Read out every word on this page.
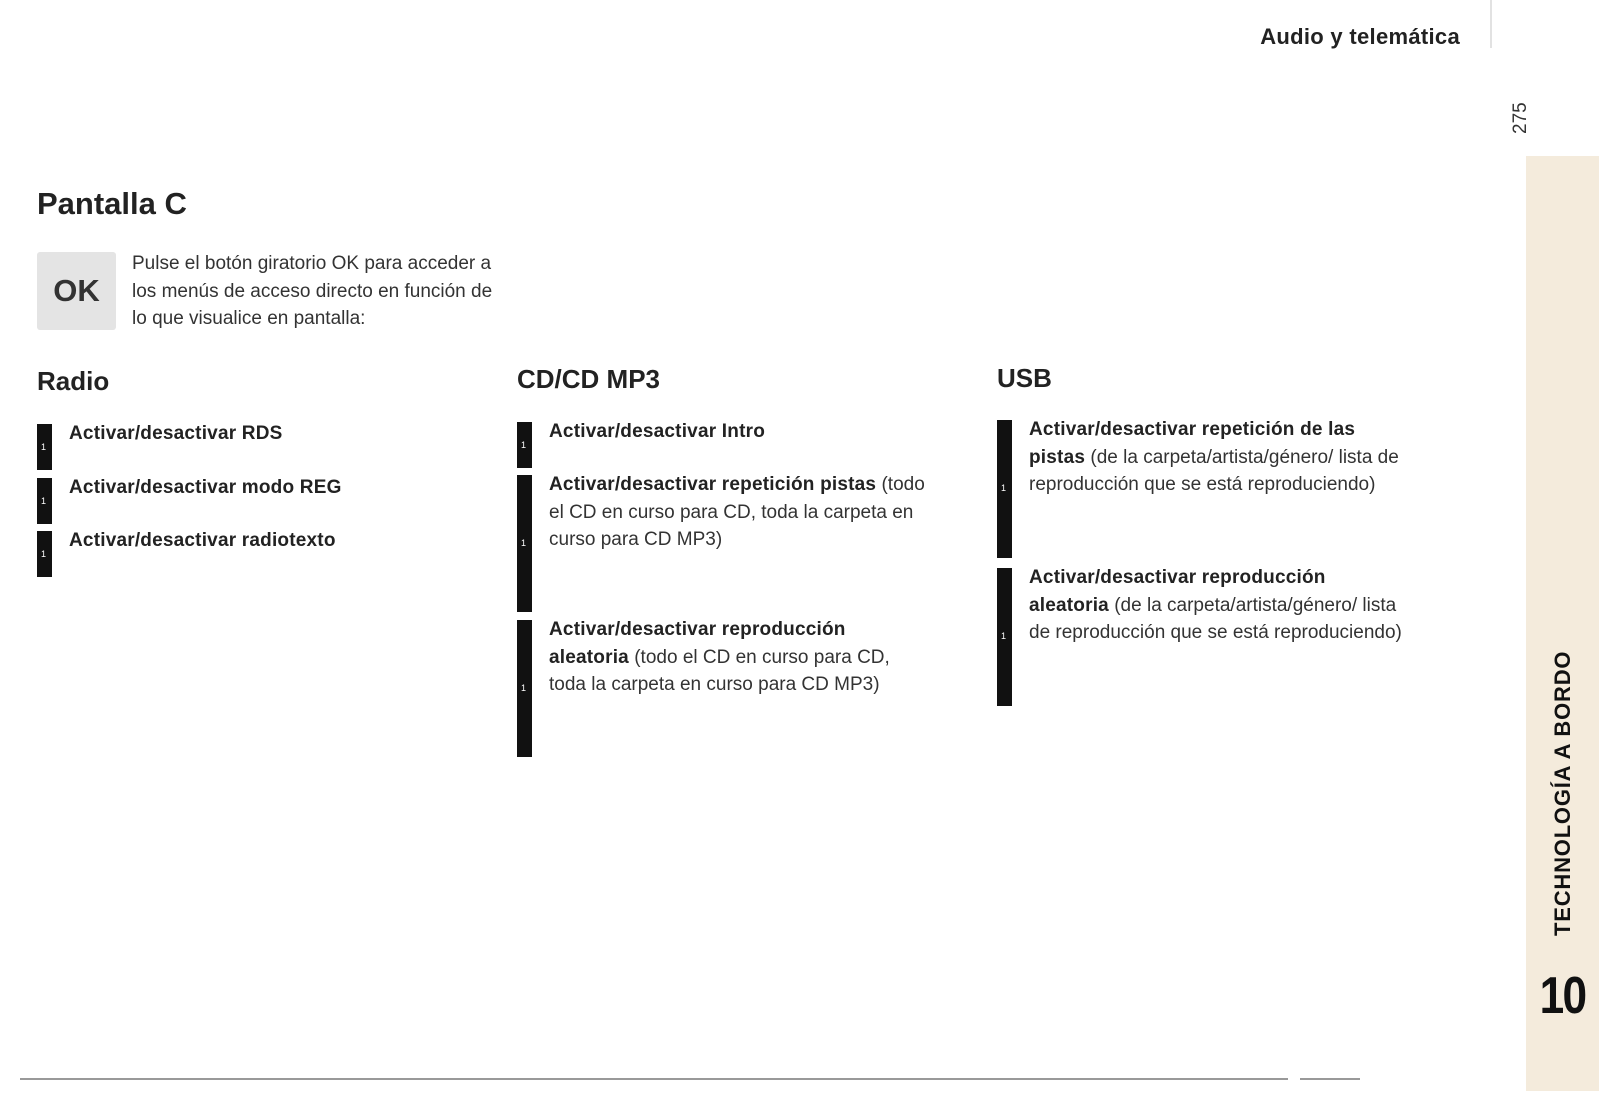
Audio y telemática
275
TECHNOLOGÍA A BORDO
10
Pantalla C
OK
Pulse el botón giratorio OK para acceder a los menús de acceso directo en función de lo que visualice en pantalla:
Radio
1
Activar/desactivar RDS
1
Activar/desactivar modo REG
1
Activar/desactivar radiotexto
CD/CD MP3
1
Activar/desactivar Intro
1
Activar/desactivar repetición pistas (todo el CD en curso para CD, toda la carpeta en curso para CD MP3)
1
Activar/desactivar reproducción aleatoria (todo el CD en curso para CD, toda la carpeta en curso para CD MP3)
USB
1
Activar/desactivar repetición de las pistas (de la carpeta/artista/género/ lista de reproducción que se está reproduciendo)
1
Activar/desactivar reproducción aleatoria (de la carpeta/artista/género/ lista de reproducción que se está reproduciendo)
